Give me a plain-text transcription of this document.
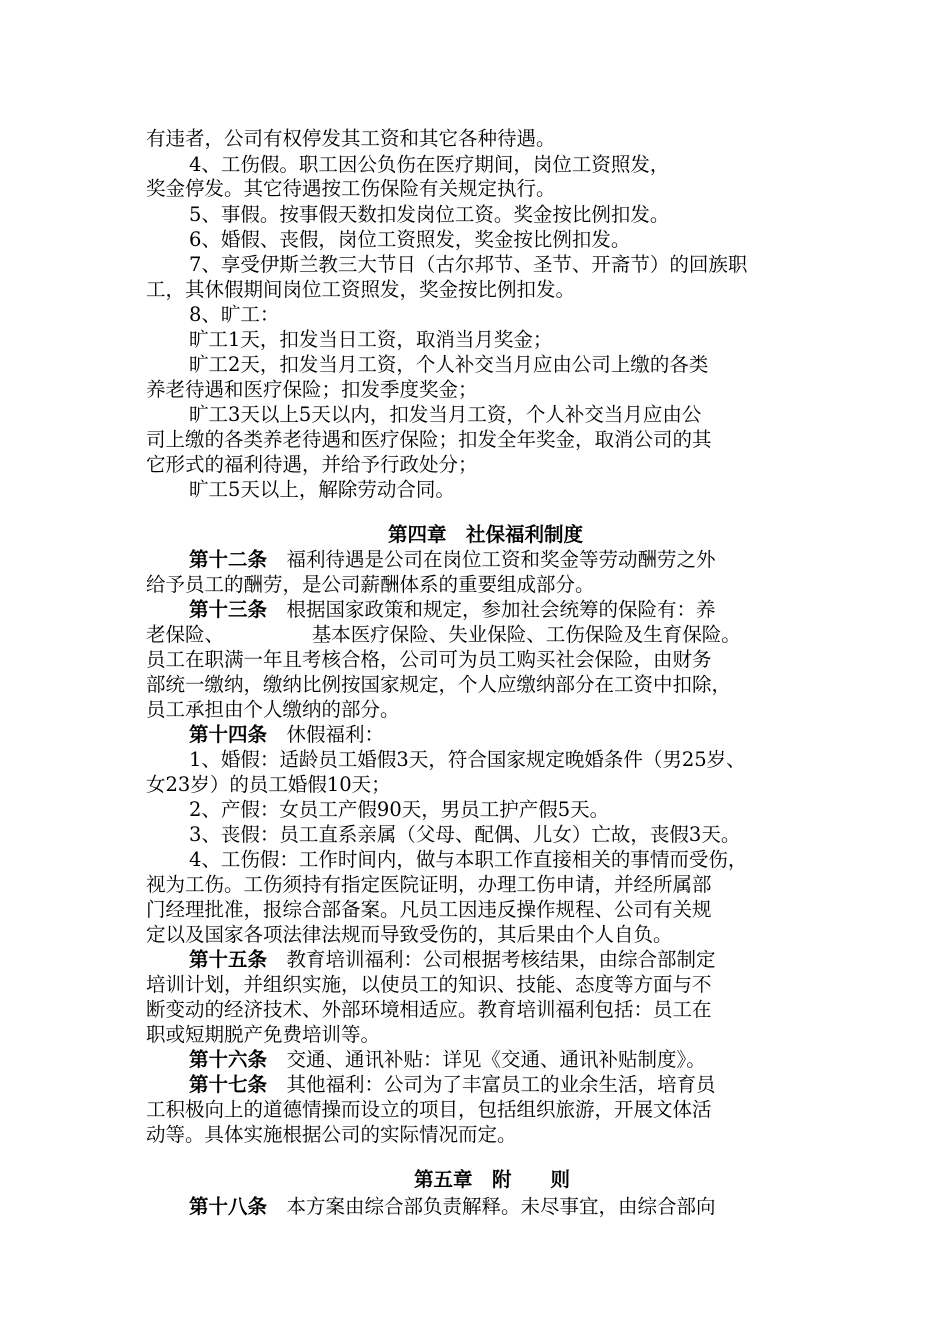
有违者，公司有权停发其工资和其它各种待遇。
4、工伤假。职工因公负伤在医疗期间，岗位工资照发，
奖金停发。其它待遇按工伤保险有关规定执行。
5、事假。按事假天数扣发岗位工资。奖金按比例扣发。
6、婚假、丧假，岗位工资照发，奖金按比例扣发。
7、享受伊斯兰教三大节日（古尔邦节、圣节、开斋节）的回族职
工，其休假期间岗位工资照发，奖金按比例扣发。
8、旷工：
旷工1天，扣发当日工资，取消当月奖金；
旷工2天，扣发当月工资，个人补交当月应由公司上缴的各类
养老待遇和医疗保险；扣发季度奖金；
旷工3天以上5天以内，扣发当月工资，个人补交当月应由公
司上缴的各类养老待遇和医疗保险；扣发全年奖金，取消公司的其
它形式的福利待遇，并给予行政处分；
旷工5天以上，解除劳动合同。
第四章　社保福利制度
第十二条　 福利待遇是公司在岗位工资和奖金等劳动酬劳之外
给予员工的酬劳，是公司薪酬体系的重要组成部分。
第十三条　 根据国家政策和规定，参加社会统筹的保险有：养
老保险、　　　　　基本医疗保险、失业保险、工伤保险及生育保险。
员工在职满一年且考核合格，公司可为员工购买社会保险，由财务
部统一缴纳，缴纳比例按国家规定，个人应缴纳部分在工资中扣除，
员工承担由个人缴纳的部分。
第十四条　 休假福利：
1、婚假：适龄员工婚假3天，符合国家规定晚婚条件（男25岁、
女23岁）的员工婚假10天；
2、产假：女员工产假90天，男员工护产假5天。
3、丧假：员工直系亲属（父母、配偶、儿女）亡故，丧假3天。
4、工伤假：工作时间内，做与本职工作直接相关的事情而受伤，
视为工伤。工伤须持有指定医院证明，办理工伤申请，并经所属部
门经理批准，报综合部备案。凡员工因违反操作规程、公司有关规
定以及国家各项法律法规而导致受伤的，其后果由个人自负。
第十五条　 教育培训福利：公司根据考核结果，由综合部制定
培训计划，并组织实施，以使员工的知识、技能、态度等方面与不
断变动的经济技术、外部环境相适应。教育培训福利包括：员工在
职或短期脱产免费培训等。
第十六条　 交通、通讯补贴：详见《交通、通讯补贴制度》。
第十七条　 其他福利：公司为了丰富员工的业余生活，培育员
工积极向上的道德情操而设立的项目，包括组织旅游，开展文体活
动等。具体实施根据公司的实际情况而定。
第五章　附　　则
第十八条　 本方案由综合部负责解释。未尽事宜，由综合部向
